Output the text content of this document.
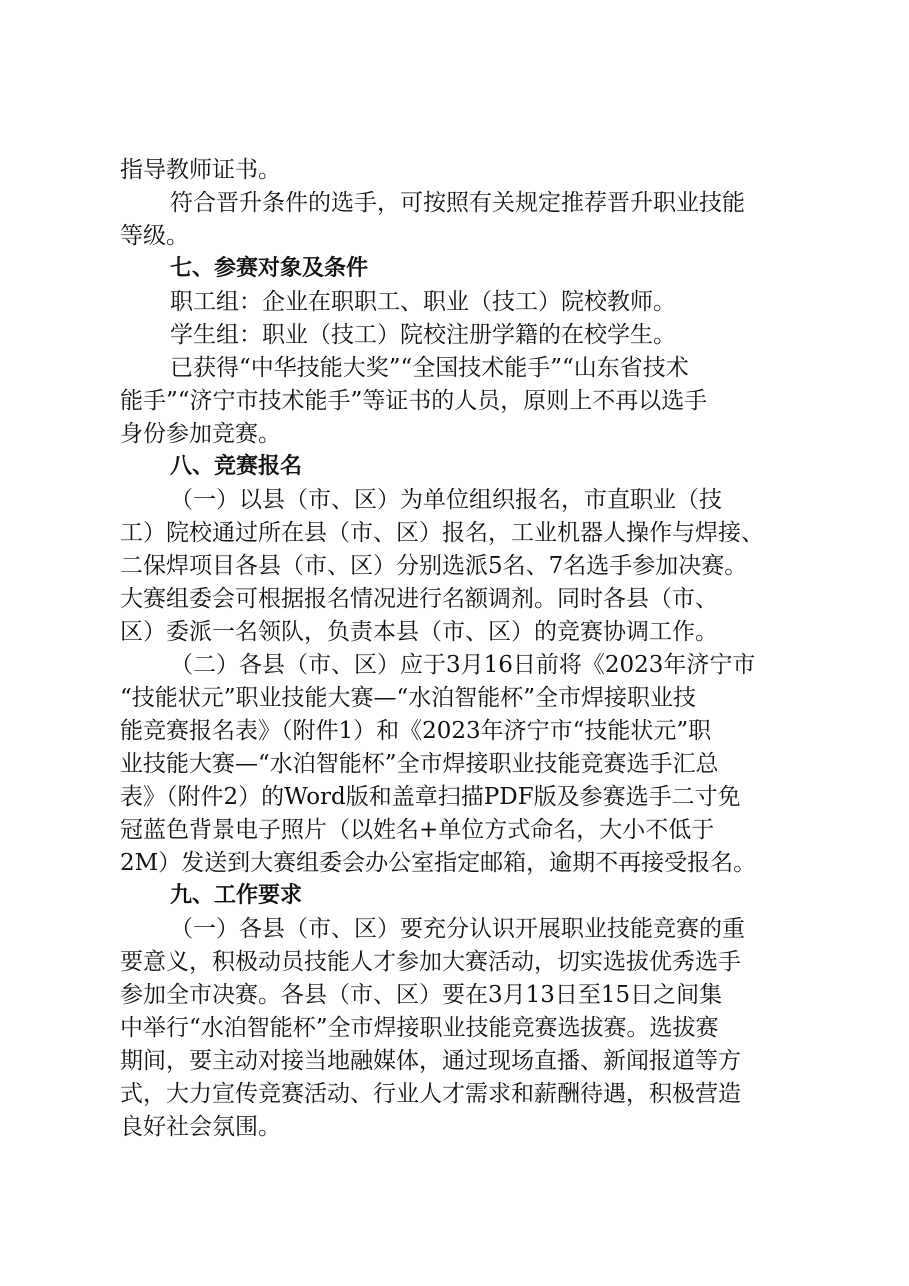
指导教师证书。
符合晋升条件的选手，可按照有关规定推荐晋升职业技能
等级。
七、参赛对象及条件
职工组：企业在职职工、职业（技工）院校教师。
学生组：职业（技工）院校注册学籍的在校学生。
已获得“中华技能大奖”“全国技术能手”“山东省技术
能手”“济宁市技术能手”等证书的人员，原则上不再以选手
身份参加竞赛。
八、竞赛报名
（一）以县（市、区）为单位组织报名，市直职业（技
工）院校通过所在县（市、区）报名，工业机器人操作与焊接、
二保焊项目各县（市、区）分别选派5名、7名选手参加决赛。
大赛组委会可根据报名情况进行名额调剂。同时各县（市、
区）委派一名领队，负责本县（市、区）的竞赛协调工作。
（二）各县（市、区）应于3月16日前将《2023年济宁市
“技能状元”职业技能大赛—“水泊智能杯”全市焊接职业技
能竞赛报名表》（附件1）和《2023年济宁市“技能状元”职
业技能大赛—“水泊智能杯”全市焊接职业技能竞赛选手汇总
表》（附件2）的Word版和盖章扫描PDF版及参赛选手二寸免
冠蓝色背景电子照片（以姓名+单位方式命名，大小不低于
2M）发送到大赛组委会办公室指定邮箱，逾期不再接受报名。
九、工作要求
（一）各县（市、区）要充分认识开展职业技能竞赛的重
要意义，积极动员技能人才参加大赛活动，切实选拔优秀选手
参加全市决赛。各县（市、区）要在3月13日至15日之间集
中举行“水泊智能杯”全市焊接职业技能竞赛选拔赛。选拔赛
期间，要主动对接当地融媒体，通过现场直播、新闻报道等方
式，大力宣传竞赛活动、行业人才需求和薪酬待遇，积极营造
良好社会氛围。
